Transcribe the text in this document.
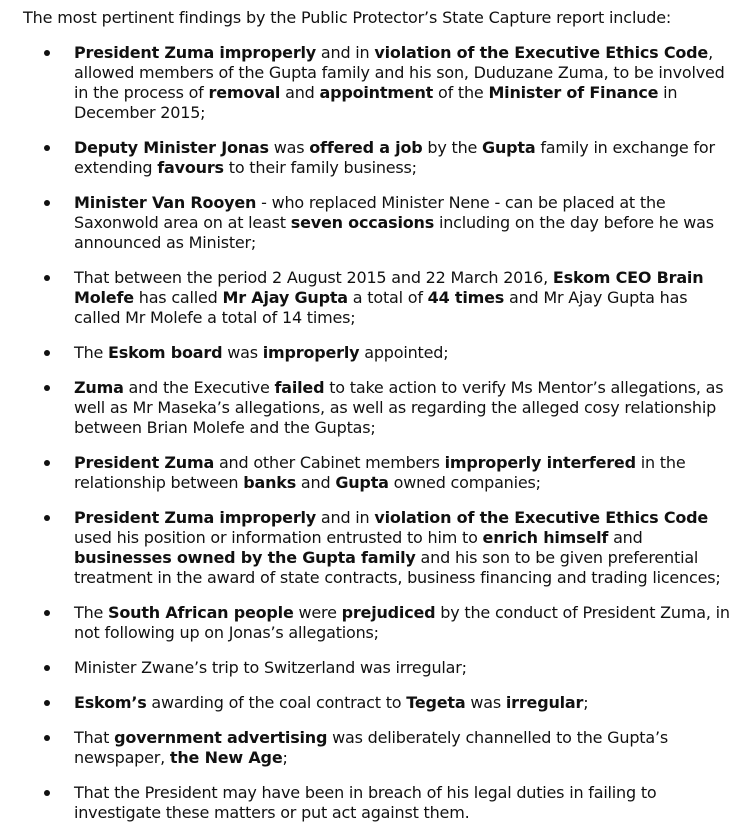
The most pertinent findings by the Public Protector’s State Capture report include:

President Zuma improperly and in violation of the Executive Ethics Code, allowed members of the Gupta family and his son, Duduzane Zuma, to be involved in the process of removal and appointment of the Minister of Finance in December 2015;
Deputy Minister Jonas was offered a job by the Gupta family in exchange for extending favours to their family business;
Minister Van Rooyen - who replaced Minister Nene - can be placed at the Saxonwold area on at least seven occasions including on the day before he was announced as Minister;
That between the period 2 August 2015 and 22 March 2016, Eskom CEO Brain Molefe has called Mr Ajay Gupta a total of 44 times and Mr Ajay Gupta has called Mr Molefe a total of 14 times;
The Eskom board was improperly appointed;
Zuma and the Executive failed to take action to verify Ms Mentor’s allegations, as well as Mr Maseka’s allegations, as well as regarding the alleged cosy relationship between Brian Molefe and the Guptas;
President Zuma and other Cabinet members improperly interfered in the relationship between banks and Gupta owned companies;
President Zuma improperly and in violation of the Executive Ethics Code used his position or information entrusted to him to enrich himself and businesses owned by the Gupta family and his son to be given preferential treatment in the award of state contracts, business financing and trading licences;
The South African people were prejudiced by the conduct of President Zuma, in not following up on Jonas’s allegations;
Minister Zwane’s trip to Switzerland was irregular;
Eskom’s awarding of the coal contract to Tegeta was irregular;
That government advertising was deliberately channelled to the Gupta’s newspaper, the New Age;
That the President may have been in breach of his legal duties in failing to investigate these matters or put act against them.
